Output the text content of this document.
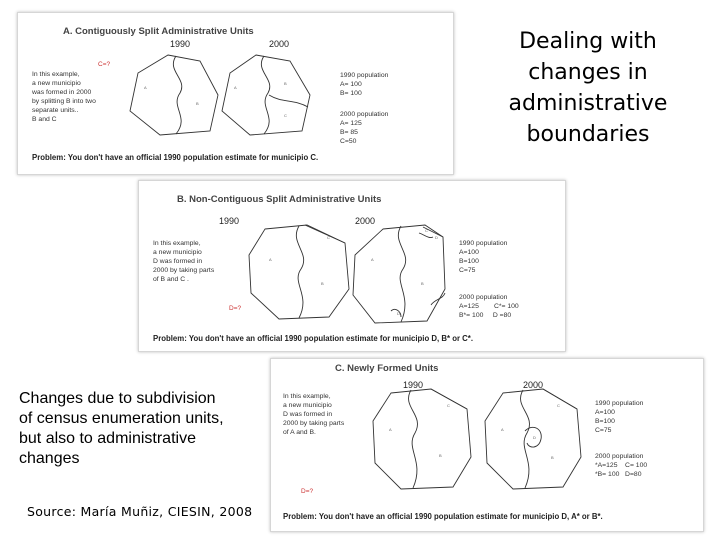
Dealing with
changes in
administrative
boundaries
A. Contiguously Split Administrative Units
1990	2000
C=?
In this example,
a new municipio
was formed in 2000
by splitting B into two
separate units..
B and C
A
B
A
B
C
1990 population
A= 100
B= 100
2000 population
A= 125
B= 85
C=50
Problem: You don't have an official 1990 population estimate for municipio C.
B. Non-Contiguous Split Administrative Units
1990	2000
In this example,
a new municipio
D was formed in
2000 by taking parts
of B and C .
D=?
A
B
C
A
B
C
D
D
1990 population
A=100
B=100
C=75
2000 population
A=125        C*= 100
B*= 100     D =80
Problem: You don't have an official 1990 population estimate for municipio D, B* or C*.
C. Newly Formed Units
1990	2000
In this example,
a new municipio
D was formed in
2000 by taking parts
of A and B.
D=?
A
B
C
A
B
D
C	1990 population
A=100
B=100
C=75
2000 population
*A=125    C= 100
*B= 100   D=80
Problem: You don't have an official 1990 population estimate for municipio D, A* or B*.
Changes due to subdivision
of census enumeration units,
but also to administrative
changes
Source: María Muñiz, CIESIN, 2008
